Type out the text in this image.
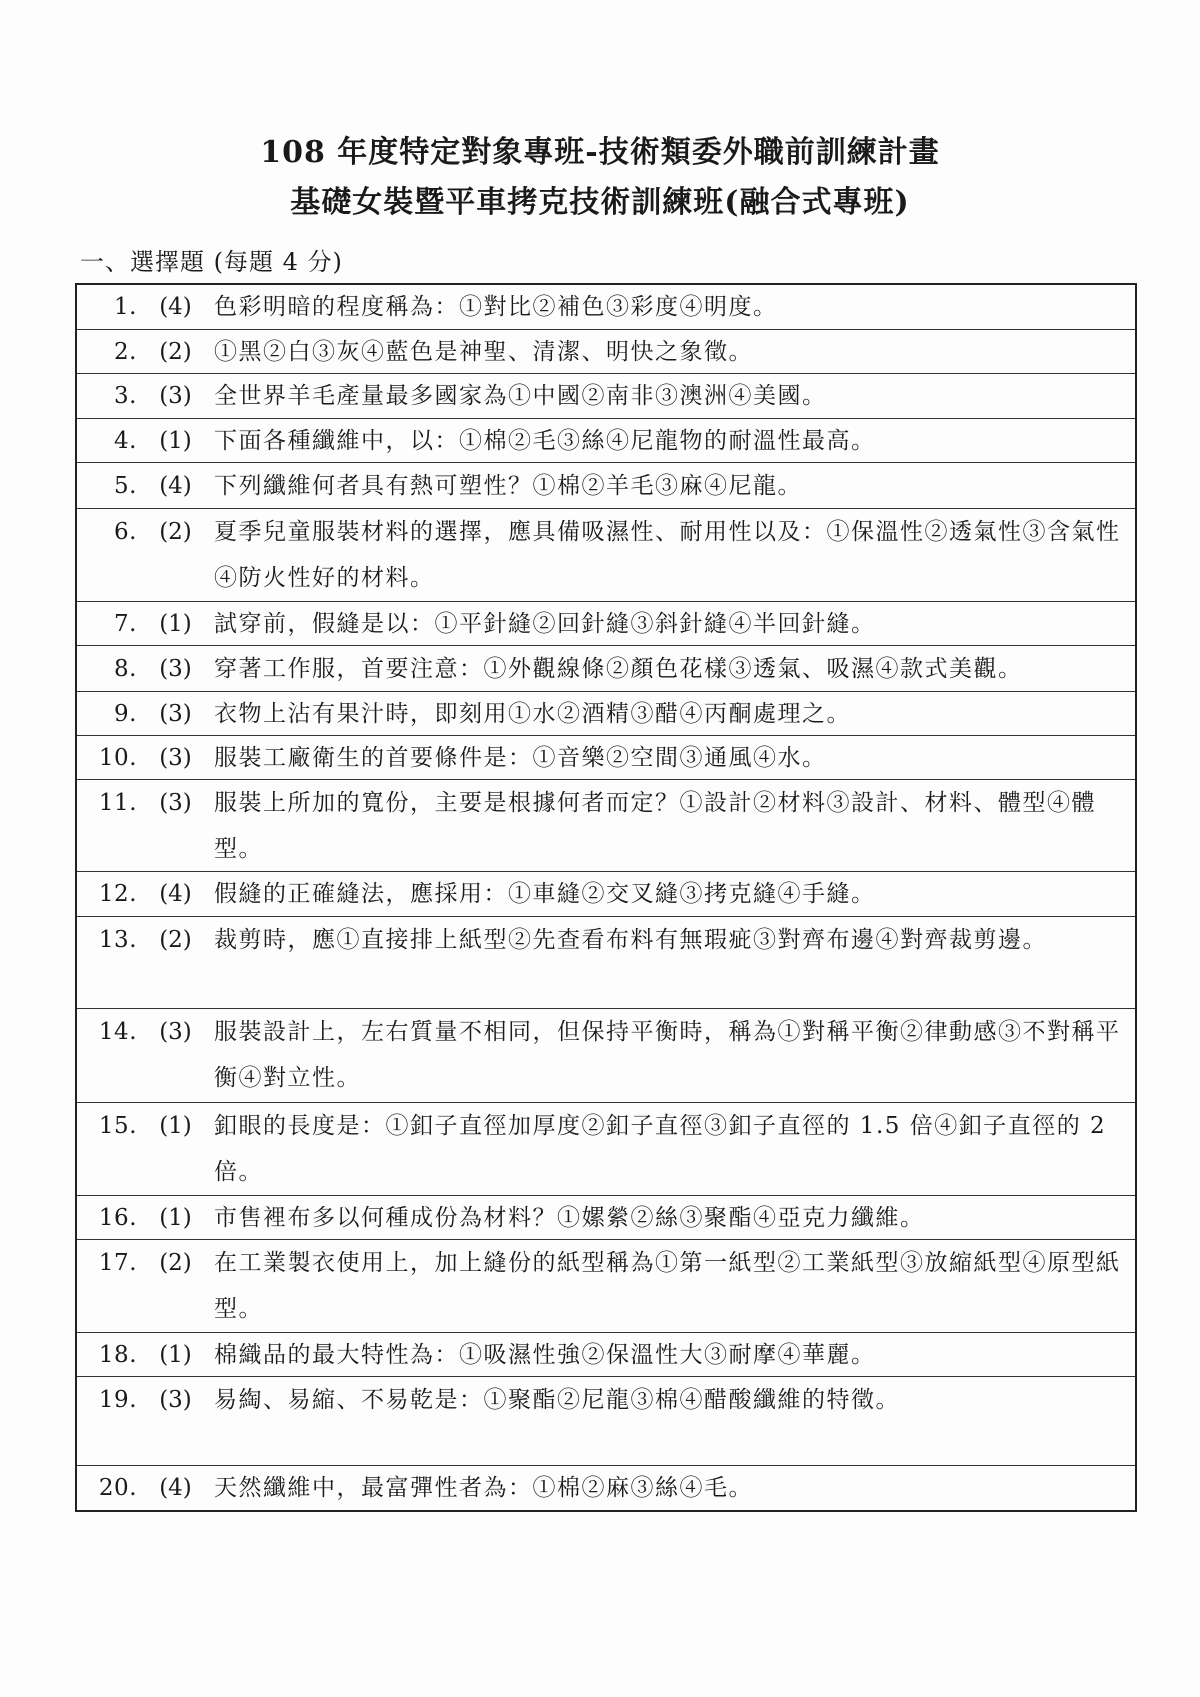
108 年度特定對象專班-技術類委外職前訓練計畫
基礎女裝暨平車拷克技術訓練班(融合式專班)
一、選擇題 (每題 4 分)
1. (4) 色彩明暗的程度稱為：①對比②補色③彩度④明度。
2. (2) ①黑②白③灰④藍色是神聖、清潔、明快之象徵。
3. (3) 全世界羊毛產量最多國家為①中國②南非③澳洲④美國。
4. (1) 下面各種纖維中，以：①棉②毛③絲④尼龍物的耐溫性最高。
5. (4) 下列纖維何者具有熱可塑性？①棉②羊毛③麻④尼龍。
6. (2) 夏季兒童服裝材料的選擇，應具備吸濕性、耐用性以及：①保溫性②透氣性③含氣性④防火性好的材料。
7. (1) 試穿前，假縫是以：①平針縫②回針縫③斜針縫④半回針縫。
8. (3) 穿著工作服，首要注意：①外觀線條②顏色花樣③透氣、吸濕④款式美觀。
9. (3) 衣物上沾有果汁時，即刻用①水②酒精③醋④丙酮處理之。
10. (3) 服裝工廠衛生的首要條件是：①音樂②空間③通風④水。
11. (3) 服裝上所加的寬份，主要是根據何者而定？①設計②材料③設計、材料、體型④體型。
12. (4) 假縫的正確縫法，應採用：①車縫②交叉縫③拷克縫④手縫。
13. (2) 裁剪時，應①直接排上紙型②先查看布料有無瑕疵③對齊布邊④對齊裁剪邊。
14. (3) 服裝設計上，左右質量不相同，但保持平衡時，稱為①對稱平衡②律動感③不對稱平衡④對立性。
15. (1) 釦眼的長度是：①釦子直徑加厚度②釦子直徑③釦子直徑的 1.5 倍④釦子直徑的 2 倍。
16. (1) 市售裡布多以何種成份為材料？①嫘縈②絲③聚酯④亞克力纖維。
17. (2) 在工業製衣使用上，加上縫份的紙型稱為①第一紙型②工業紙型③放縮紙型④原型紙型。
18. (1) 棉織品的最大特性為：①吸濕性強②保溫性大③耐摩④華麗。
19. (3) 易綯、易縮、不易乾是：①聚酯②尼龍③棉④醋酸纖維的特徵。
20. (4) 天然纖維中，最富彈性者為：①棉②麻③絲④毛。
